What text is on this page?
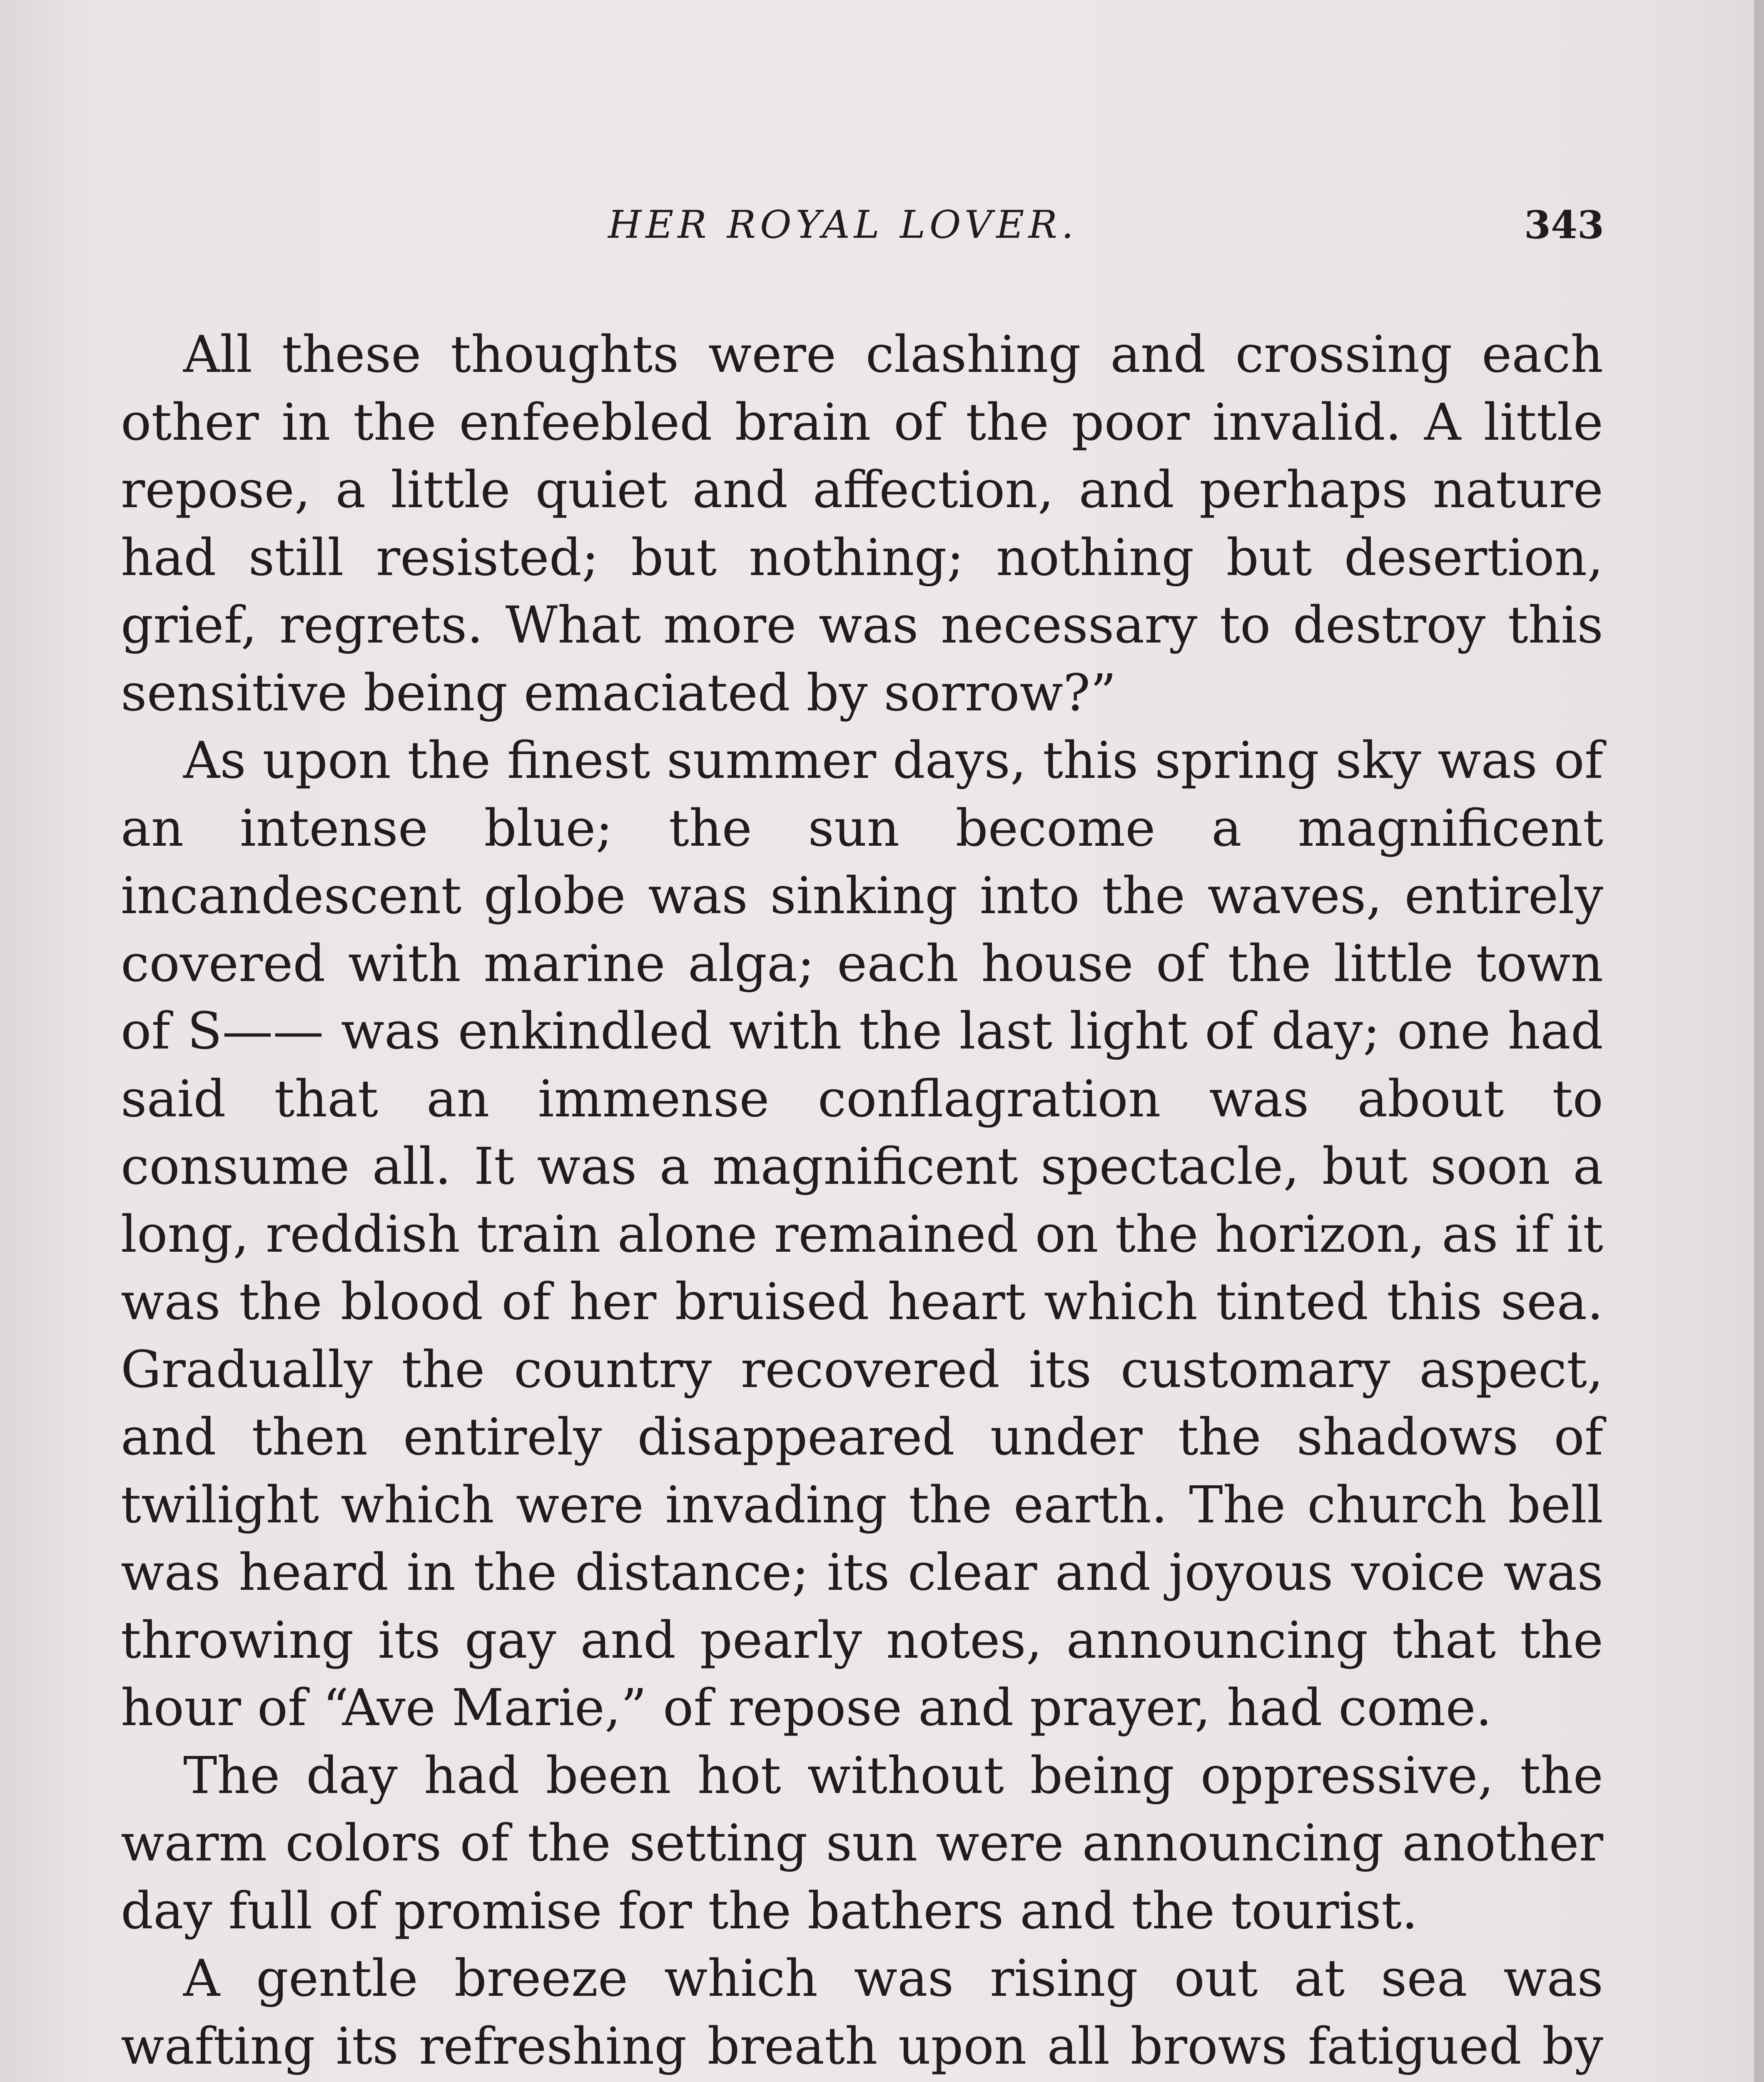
HER ROYAL LOVER.	343

All these thoughts were clashing and crossing each other in the enfeebled brain of the poor invalid. A little repose, a little quiet and affection, and perhaps nature had still resisted; but nothing; nothing but desertion, grief, regrets. What more was necessary to destroy this sensitive being emaciated by sorrow?”

As upon the finest summer days, this spring sky was of an intense blue; the sun become a magnificent incandescent globe was sinking into the waves, entirely covered with marine alga; each house of the little town of S—— was enkindled with the last light of day; one had said that an immense conflagration was about to consume all. It was a magnificent spectacle, but soon a long, reddish train alone remained on the horizon, as if it was the blood of her bruised heart which tinted this sea. Gradually the country recovered its customary aspect, and then entirely disappeared under the shadows of twilight which were invading the earth. The church bell was heard in the distance; its clear and joyous voice was throwing its gay and pearly notes, announcing that the hour of “Ave Marie,” of repose and prayer, had come.

The day had been hot without being oppressive, the warm colors of the setting sun were announcing another day full of promise for the bathers and the tourist.

A gentle breeze which was rising out at sea was wafting its refreshing breath upon all brows fatigued by
